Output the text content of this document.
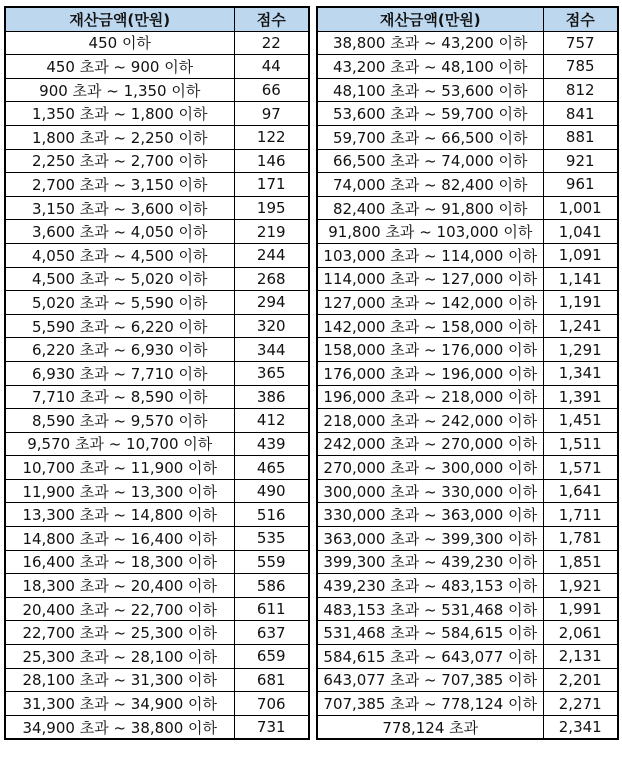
재산금액(만원)	점수		재산금액(만원)	점수
450 이하	22		38,800 초과 ~ 43,200 이하	757
450 초과 ~ 900 이하	44		43,200 초과 ~ 48,100 이하	785
900 초과 ~ 1,350 이하	66		48,100 초과 ~ 53,600 이하	812
1,350 초과 ~ 1,800 이하	97		53,600 초과 ~ 59,700 이하	841
1,800 초과 ~ 2,250 이하	122		59,700 초과 ~ 66,500 이하	881
2,250 초과 ~ 2,700 이하	146		66,500 초과 ~ 74,000 이하	921
2,700 초과 ~ 3,150 이하	171		74,000 초과 ~ 82,400 이하	961
3,150 초과 ~ 3,600 이하	195		82,400 초과 ~ 91,800 이하	1,001
3,600 초과 ~ 4,050 이하	219		91,800 초과 ~ 103,000 이하	1,041
4,050 초과 ~ 4,500 이하	244		103,000 초과 ~ 114,000 이하	1,091
4,500 초과 ~ 5,020 이하	268		114,000 초과 ~ 127,000 이하	1,141
5,020 초과 ~ 5,590 이하	294		127,000 초과 ~ 142,000 이하	1,191
5,590 초과 ~ 6,220 이하	320		142,000 초과 ~ 158,000 이하	1,241
6,220 초과 ~ 6,930 이하	344		158,000 초과 ~ 176,000 이하	1,291
6,930 초과 ~ 7,710 이하	365		176,000 초과 ~ 196,000 이하	1,341
7,710 초과 ~ 8,590 이하	386		196,000 초과 ~ 218,000 이하	1,391
8,590 초과 ~ 9,570 이하	412		218,000 초과 ~ 242,000 이하	1,451
9,570 초과 ~ 10,700 이하	439		242,000 초과 ~ 270,000 이하	1,511
10,700 초과 ~ 11,900 이하	465		270,000 초과 ~ 300,000 이하	1,571
11,900 초과 ~ 13,300 이하	490		300,000 초과 ~ 330,000 이하	1,641
13,300 초과 ~ 14,800 이하	516		330,000 초과 ~ 363,000 이하	1,711
14,800 초과 ~ 16,400 이하	535		363,000 초과 ~ 399,300 이하	1,781
16,400 초과 ~ 18,300 이하	559		399,300 초과 ~ 439,230 이하	1,851
18,300 초과 ~ 20,400 이하	586		439,230 초과 ~ 483,153 이하	1,921
20,400 초과 ~ 22,700 이하	611		483,153 초과 ~ 531,468 이하	1,991
22,700 초과 ~ 25,300 이하	637		531,468 초과 ~ 584,615 이하	2,061
25,300 초과 ~ 28,100 이하	659		584,615 초과 ~ 643,077 이하	2,131
28,100 초과 ~ 31,300 이하	681		643,077 초과 ~ 707,385 이하	2,201
31,300 초과 ~ 34,900 이하	706		707,385 초과 ~ 778,124 이하	2,271
34,900 초과 ~ 38,800 이하	731		778,124 초과	2,341
